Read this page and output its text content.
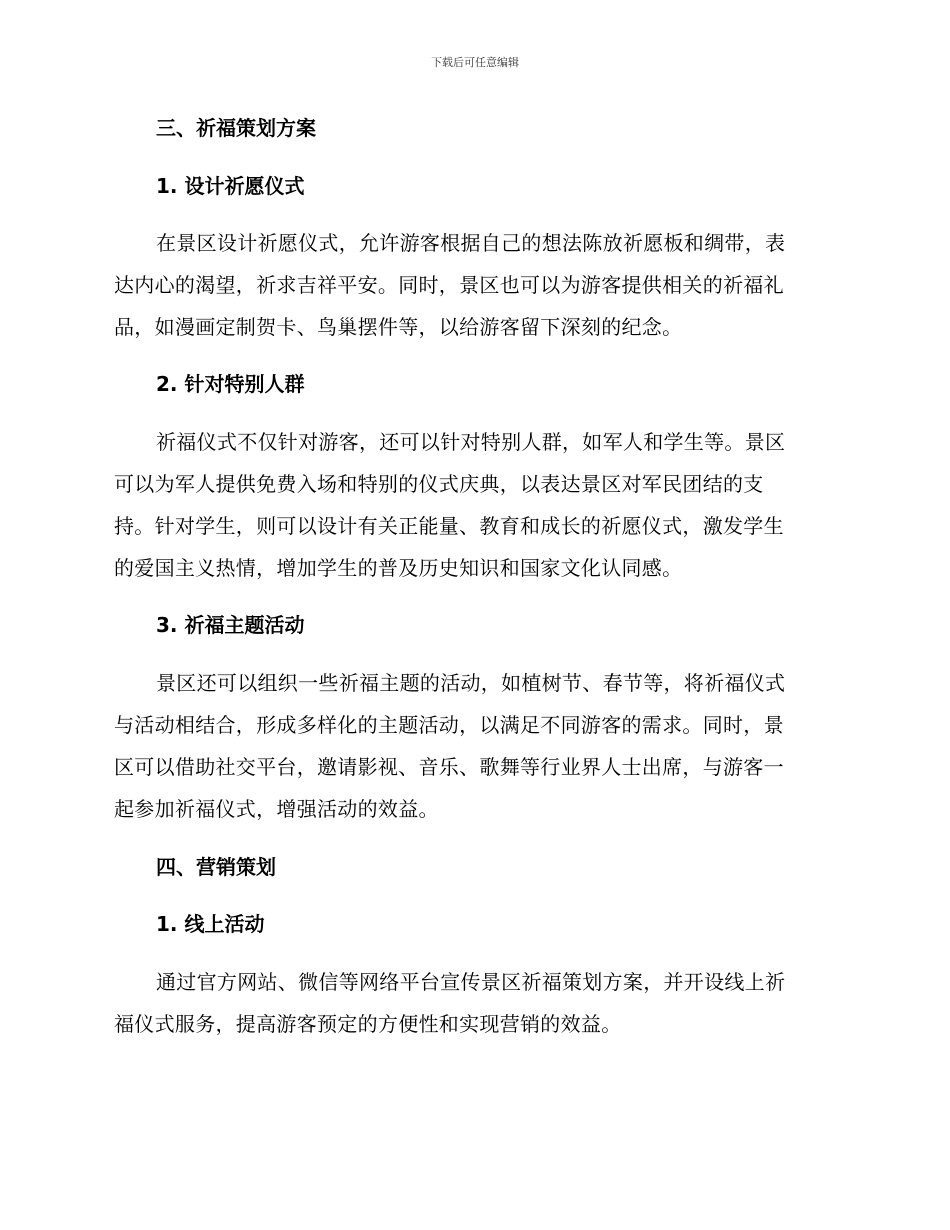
下载后可任意编辑
三、祈福策划方案
1. 设计祈愿仪式
在景区设计祈愿仪式，允许游客根据自己的想法陈放祈愿板和绸带，表
达内心的渴望，祈求吉祥平安。同时，景区也可以为游客提供相关的祈福礼
品，如漫画定制贺卡、鸟巢摆件等，以给游客留下深刻的纪念。
2. 针对特别人群
祈福仪式不仅针对游客，还可以针对特别人群，如军人和学生等。景区
可以为军人提供免费入场和特别的仪式庆典，以表达景区对军民团结的支
持。针对学生，则可以设计有关正能量、教育和成长的祈愿仪式，激发学生
的爱国主义热情，增加学生的普及历史知识和国家文化认同感。
3. 祈福主题活动
景区还可以组织一些祈福主题的活动，如植树节、春节等，将祈福仪式
与活动相结合，形成多样化的主题活动，以满足不同游客的需求。同时，景
区可以借助社交平台，邀请影视、音乐、歌舞等行业界人士出席，与游客一
起参加祈福仪式，增强活动的效益。
四、营销策划
1. 线上活动
通过官方网站、微信等网络平台宣传景区祈福策划方案，并开设线上祈
福仪式服务，提高游客预定的方便性和实现营销的效益。
